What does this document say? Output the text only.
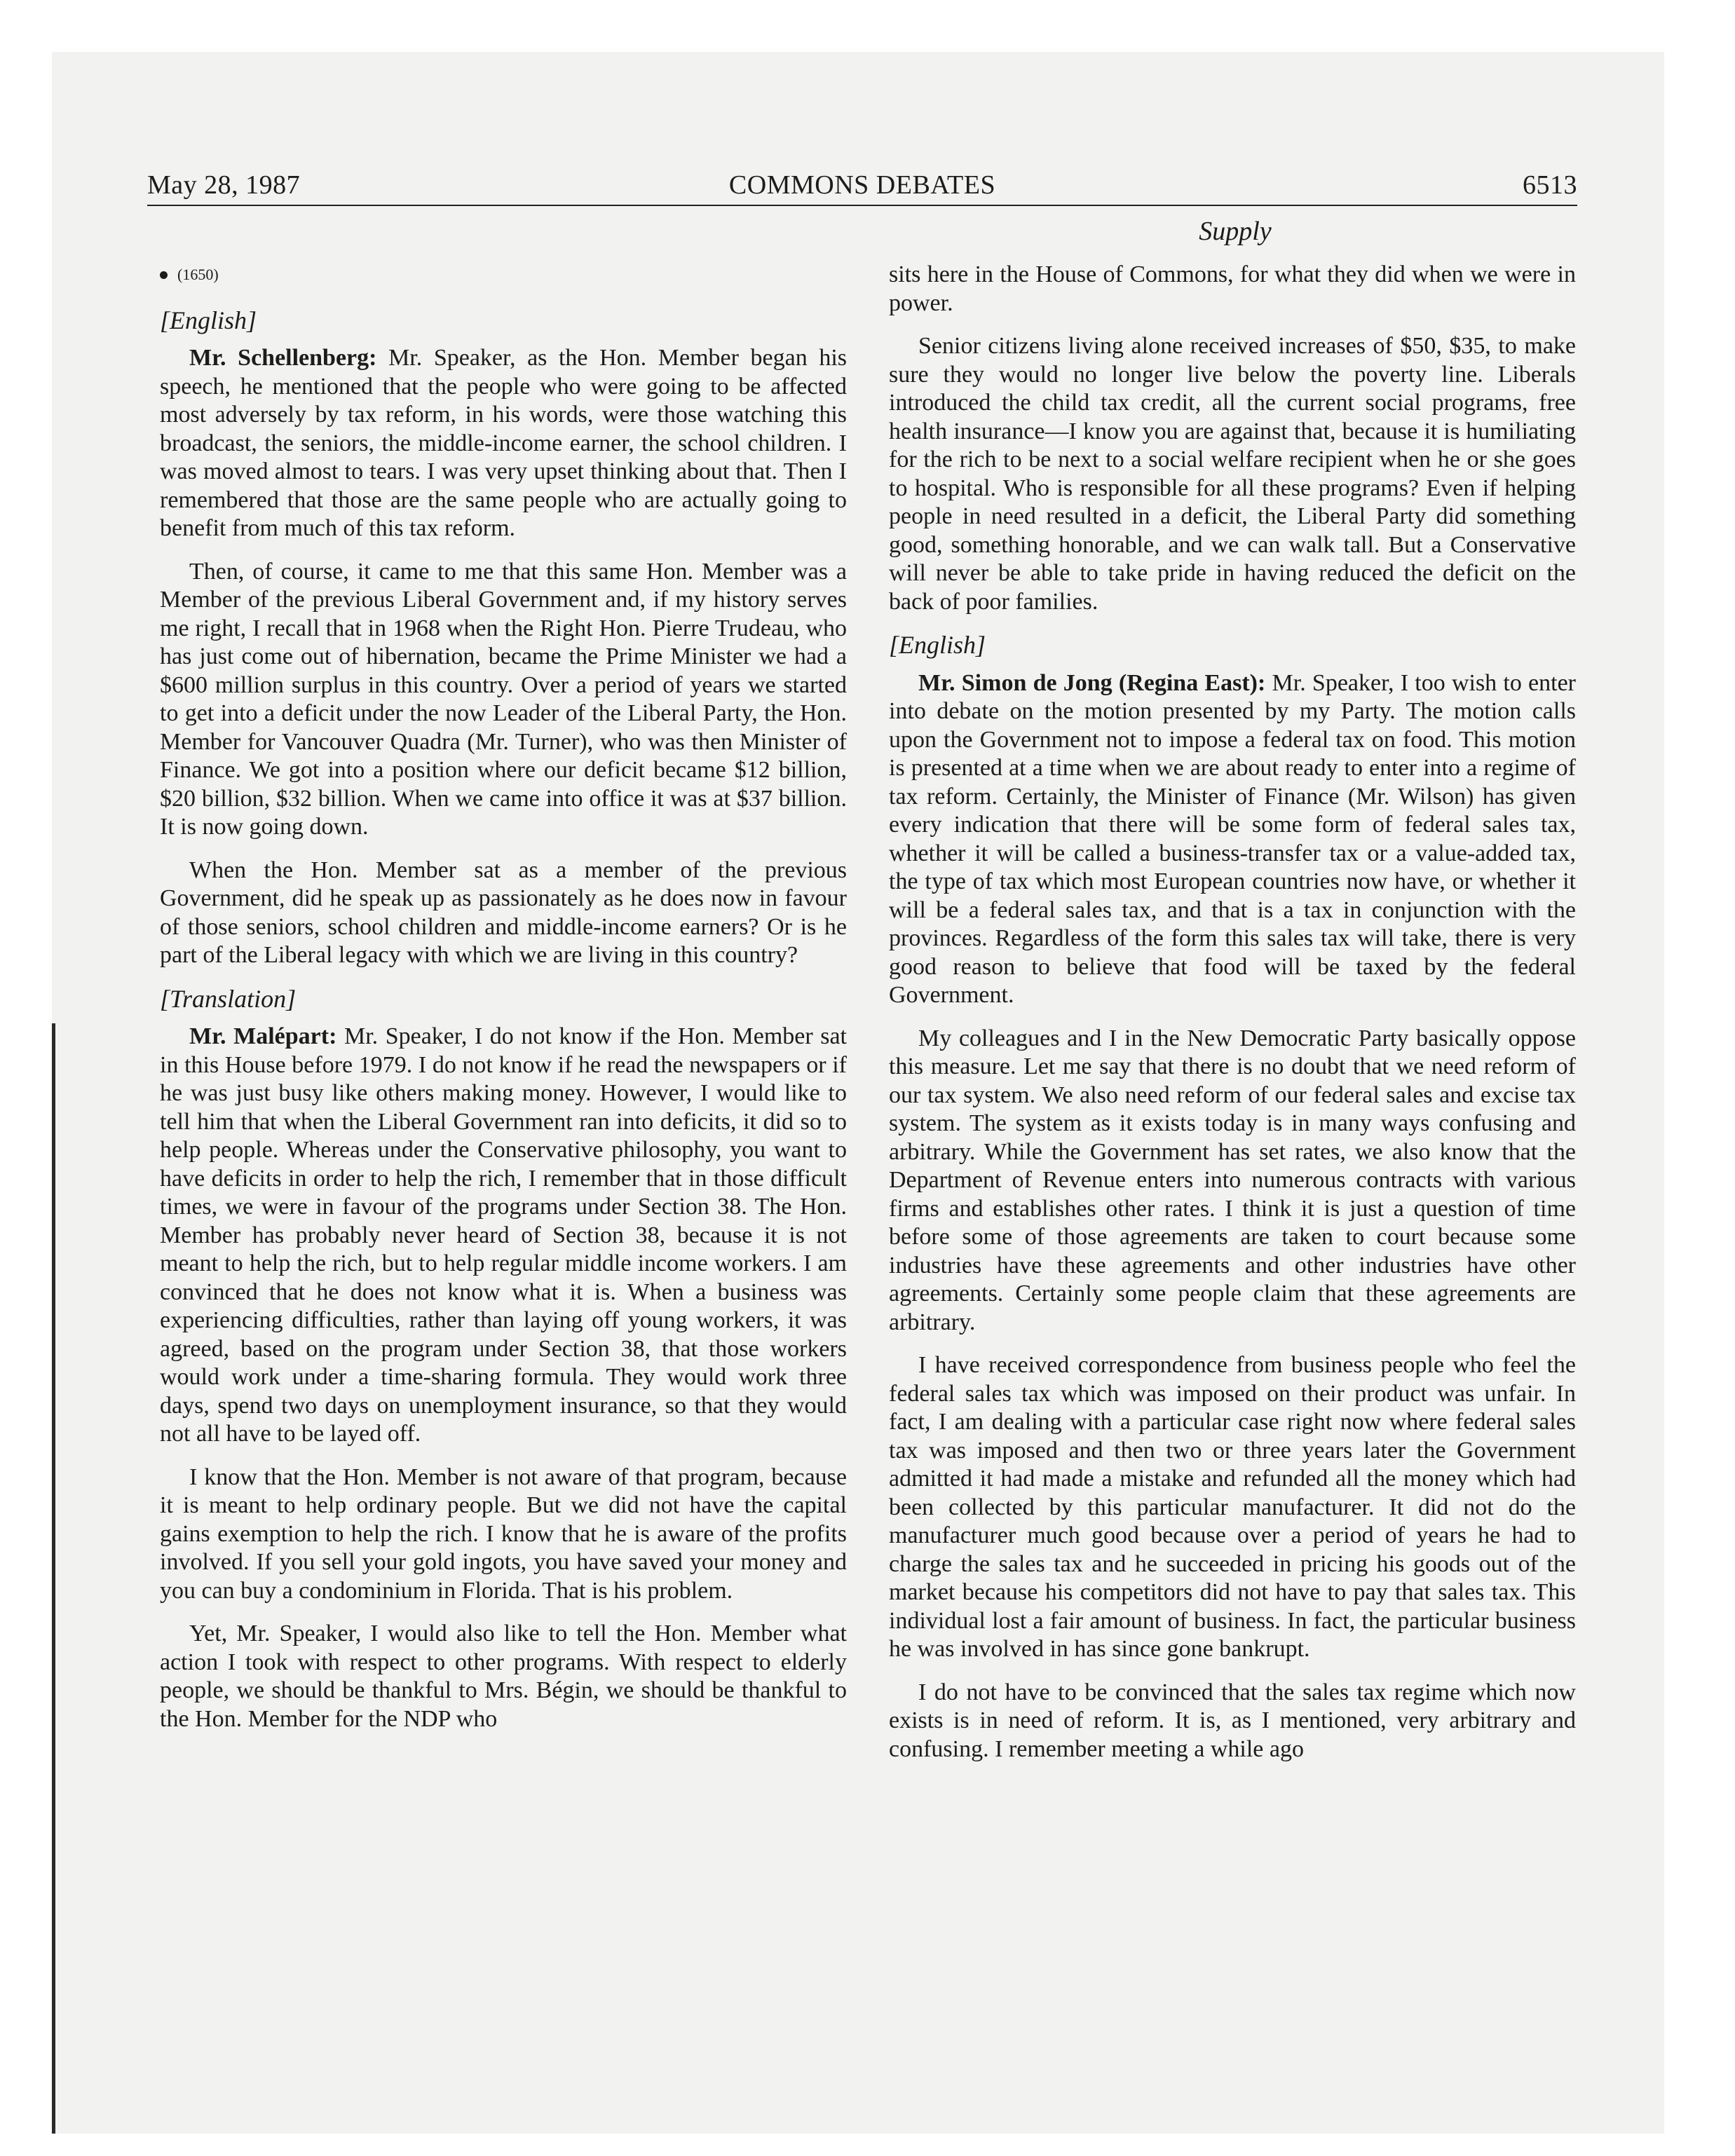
May 28, 1987	COMMONS DEBATES	6513
Supply
(1650)
[English]

Mr. Schellenberg: Mr. Speaker, as the Hon. Member began his speech, he mentioned that the people who were going to be affected most adversely by tax reform, in his words, were those watching this broadcast, the seniors, the middle-income earner, the school children. I was moved almost to tears. I was very upset thinking about that. Then I remembered that those are the same people who are actually going to benefit from much of this tax reform.

Then, of course, it came to me that this same Hon. Member was a Member of the previous Liberal Government and, if my history serves me right, I recall that in 1968 when the Right Hon. Pierre Trudeau, who has just come out of hibernation, became the Prime Minister we had a $600 million surplus in this country. Over a period of years we started to get into a deficit under the now Leader of the Liberal Party, the Hon. Member for Vancouver Quadra (Mr. Turner), who was then Minister of Finance. We got into a position where our deficit became $12 billion, $20 billion, $32 billion. When we came into office it was at $37 billion. It is now going down.

When the Hon. Member sat as a member of the previous Government, did he speak up as passionately as he does now in favour of those seniors, school children and middle-income earners? Or is he part of the Liberal legacy with which we are living in this country?

[Translation]

Mr. Malépart: Mr. Speaker, I do not know if the Hon. Member sat in this House before 1979. I do not know if he read the newspapers or if he was just busy like others making money. However, I would like to tell him that when the Liberal Government ran into deficits, it did so to help people. Whereas under the Conservative philosophy, you want to have deficits in order to help the rich, I remember that in those difficult times, we were in favour of the programs under Section 38. The Hon. Member has probably never heard of Section 38, because it is not meant to help the rich, but to help regular middle income workers. I am convinced that he does not know what it is. When a business was experiencing difficulties, rather than laying off young workers, it was agreed, based on the program under Section 38, that those workers would work under a time-sharing formula. They would work three days, spend two days on unemployment insurance, so that they would not all have to be layed off.

I know that the Hon. Member is not aware of that program, because it is meant to help ordinary people. But we did not have the capital gains exemption to help the rich. I know that he is aware of the profits involved. If you sell your gold ingots, you have saved your money and you can buy a condominium in Florida. That is his problem.

Yet, Mr. Speaker, I would also like to tell the Hon. Member what action I took with respect to other programs. With respect to elderly people, we should be thankful to Mrs. Bégin, we should be thankful to the Hon. Member for the NDP who

sits here in the House of Commons, for what they did when we were in power.

Senior citizens living alone received increases of $50, $35, to make sure they would no longer live below the poverty line. Liberals introduced the child tax credit, all the current social programs, free health insurance—I know you are against that, because it is humiliating for the rich to be next to a social welfare recipient when he or she goes to hospital. Who is responsible for all these programs? Even if helping people in need resulted in a deficit, the Liberal Party did something good, something honorable, and we can walk tall. But a Conservative will never be able to take pride in having reduced the deficit on the back of poor families.

[English]

Mr. Simon de Jong (Regina East): Mr. Speaker, I too wish to enter into debate on the motion presented by my Party. The motion calls upon the Government not to impose a federal tax on food. This motion is presented at a time when we are about ready to enter into a regime of tax reform. Certainly, the Minister of Finance (Mr. Wilson) has given every indication that there will be some form of federal sales tax, whether it will be called a business-transfer tax or a value-added tax, the type of tax which most European countries now have, or whether it will be a federal sales tax, and that is a tax in conjunction with the provinces. Regardless of the form this sales tax will take, there is very good reason to believe that food will be taxed by the federal Government.

My colleagues and I in the New Democratic Party basically oppose this measure. Let me say that there is no doubt that we need reform of our tax system. We also need reform of our federal sales and excise tax system. The system as it exists today is in many ways confusing and arbitrary. While the Government has set rates, we also know that the Department of Revenue enters into numerous contracts with various firms and establishes other rates. I think it is just a question of time before some of those agreements are taken to court because some industries have these agreements and other industries have other agreements. Certainly some people claim that these agreements are arbitrary.

I have received correspondence from business people who feel the federal sales tax which was imposed on their product was unfair. In fact, I am dealing with a particular case right now where federal sales tax was imposed and then two or three years later the Government admitted it had made a mistake and refunded all the money which had been collected by this particular manufacturer. It did not do the manufacturer much good because over a period of years he had to charge the sales tax and he succeeded in pricing his goods out of the market because his competitors did not have to pay that sales tax. This individual lost a fair amount of business. In fact, the particular business he was involved in has since gone bankrupt.

I do not have to be convinced that the sales tax regime which now exists is in need of reform. It is, as I mentioned, very arbitrary and confusing. I remember meeting a while ago
